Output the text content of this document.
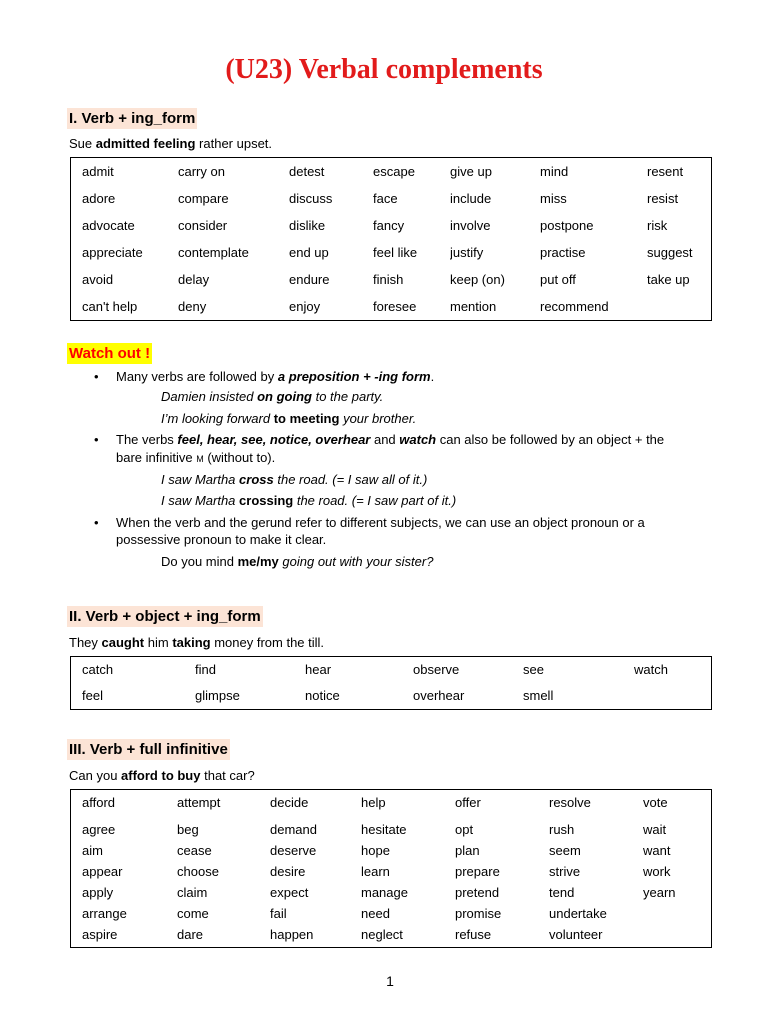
(U23) Verbal complements
I. Verb + ing_form
Sue admitted feeling rather upset.
admit	carry on	detest	escape	give up	mind	resent
adore	compare	discuss	face	include	miss	resist
advocate	consider	dislike	fancy	involve	postpone	risk
appreciate	contemplate	end up	feel like	justify	practise	suggest
avoid	delay	endure	finish	keep (on)	put off	take up
can't help	deny	enjoy	foresee	mention	recommend
Watch out !
•
Many verbs are followed by a preposition + -ing form.
Damien insisted on going to the party.
I’m looking forward to meeting your brother.
•
The verbs feel, hear, see, notice, overhear and watch can also be followed by an object + the
bare infinitive M (without to).
I saw Martha cross the road. (= I saw all of it.)
I saw Martha crossing the road. (= I saw part of it.)
•
When the verb and the gerund refer to different subjects, we can use an object pronoun or a
possessive pronoun to make it clear.
Do you mind me/my going out with your sister?
II. Verb + object + ing_form
They caught him taking money from the till.
catch	find	hear	observe	see	watch
feel	glimpse	notice	overhear	smell
III. Verb + full infinitive
Can you afford to buy that car?
afford	attempt	decide	help	offer	resolve	vote
agree	beg	demand	hesitate	opt	rush	wait
aim	cease	deserve	hope	plan	seem	want
appear	choose	desire	learn	prepare	strive	work
apply	claim	expect	manage	pretend	tend	yearn
arrange	come	fail	need	promise	undertake
aspire	dare	happen	neglect	refuse	volunteer
1
